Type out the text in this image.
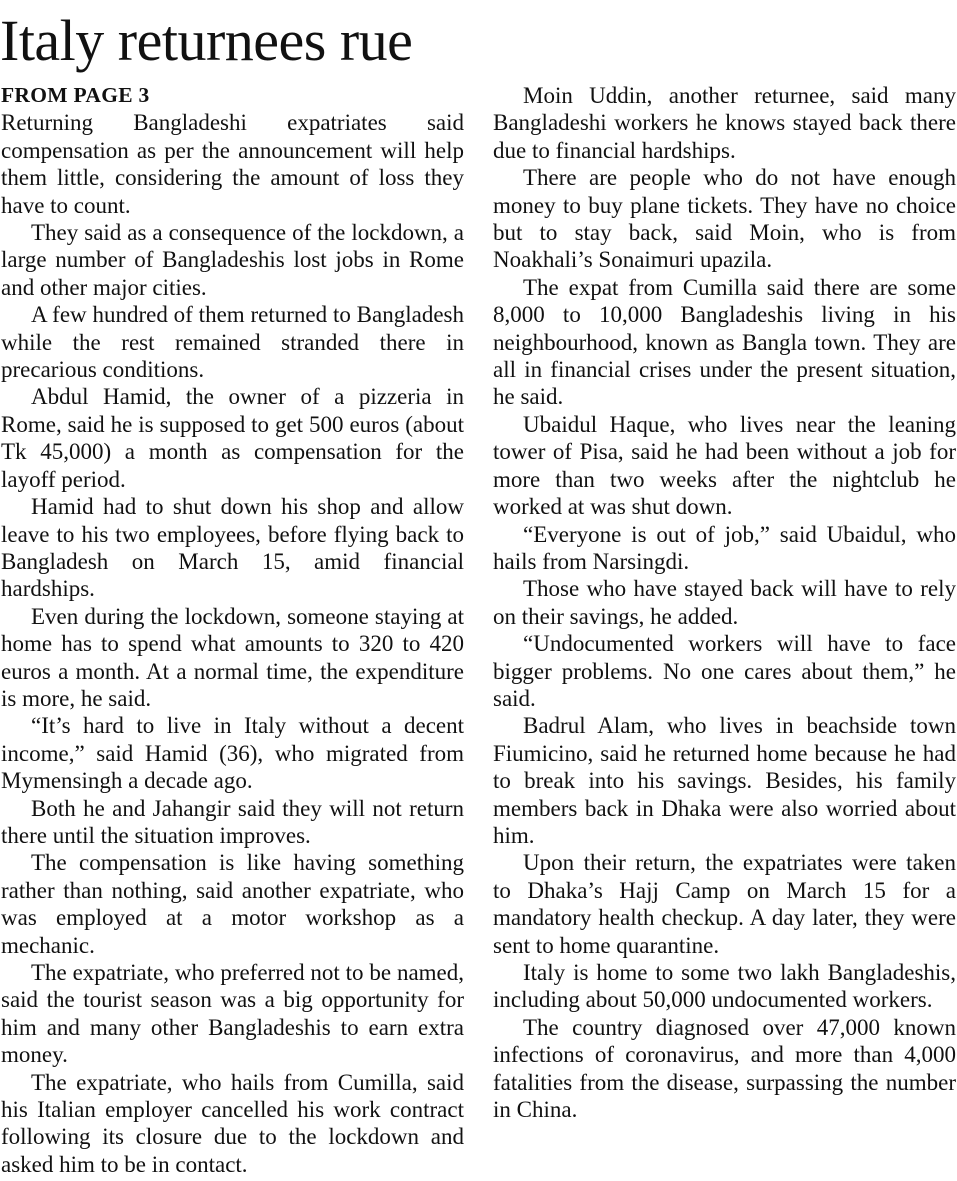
Italy returnees rue

FROM PAGE 3

Returning Bangladeshi expatriates said compensation as per the announcement will help them little, considering the amount of loss they have to count.

They said as a consequence of the lockdown, a large number of Bangladeshis lost jobs in Rome and other major cities.

A few hundred of them returned to Bangladesh while the rest remained stranded there in precarious conditions.

Abdul Hamid, the owner of a pizzeria in Rome, said he is supposed to get 500 euros (about Tk 45,000) a month as compensation for the layoff period.

Hamid had to shut down his shop and allow leave to his two employees, before flying back to Bangladesh on March 15, amid financial hardships.

Even during the lockdown, someone staying at home has to spend what amounts to 320 to 420 euros a month. At a normal time, the expenditure is more, he said.

“It’s hard to live in Italy without a decent income,” said Hamid (36), who migrated from Mymensingh a decade ago.

Both he and Jahangir said they will not return there until the situation improves.

The compensation is like having something rather than nothing, said another expatriate, who was employed at a motor workshop as a mechanic.

The expatriate, who preferred not to be named, said the tourist season was a big opportunity for him and many other Bangladeshis to earn extra money.

The expatriate, who hails from Cumilla, said his Italian employer cancelled his work contract following its closure due to the lockdown and asked him to be in contact.

Moin Uddin, another returnee, said many Bangladeshi workers he knows stayed back there due to financial hardships.

There are people who do not have enough money to buy plane tickets. They have no choice but to stay back, said Moin, who is from Noakhali’s Sonaimuri upazila.

The expat from Cumilla said there are some 8,000 to 10,000 Bangladeshis living in his neighbourhood, known as Bangla town. They are all in financial crises under the present situation, he said.

Ubaidul Haque, who lives near the leaning tower of Pisa, said he had been without a job for more than two weeks after the nightclub he worked at was shut down.

“Everyone is out of job,” said Ubaidul, who hails from Narsingdi.

Those who have stayed back will have to rely on their savings, he added.

“Undocumented workers will have to face bigger problems. No one cares about them,” he said.

Badrul Alam, who lives in beachside town Fiumicino, said he returned home because he had to break into his savings. Besides, his family members back in Dhaka were also worried about him.

Upon their return, the expatriates were taken to Dhaka’s Hajj Camp on March 15 for a mandatory health checkup. A day later, they were sent to home quarantine.

Italy is home to some two lakh Bangladeshis, including about 50,000 undocumented workers.

The country diagnosed over 47,000 known infections of coronavirus, and more than 4,000 fatalities from the disease, surpassing the number in China.
